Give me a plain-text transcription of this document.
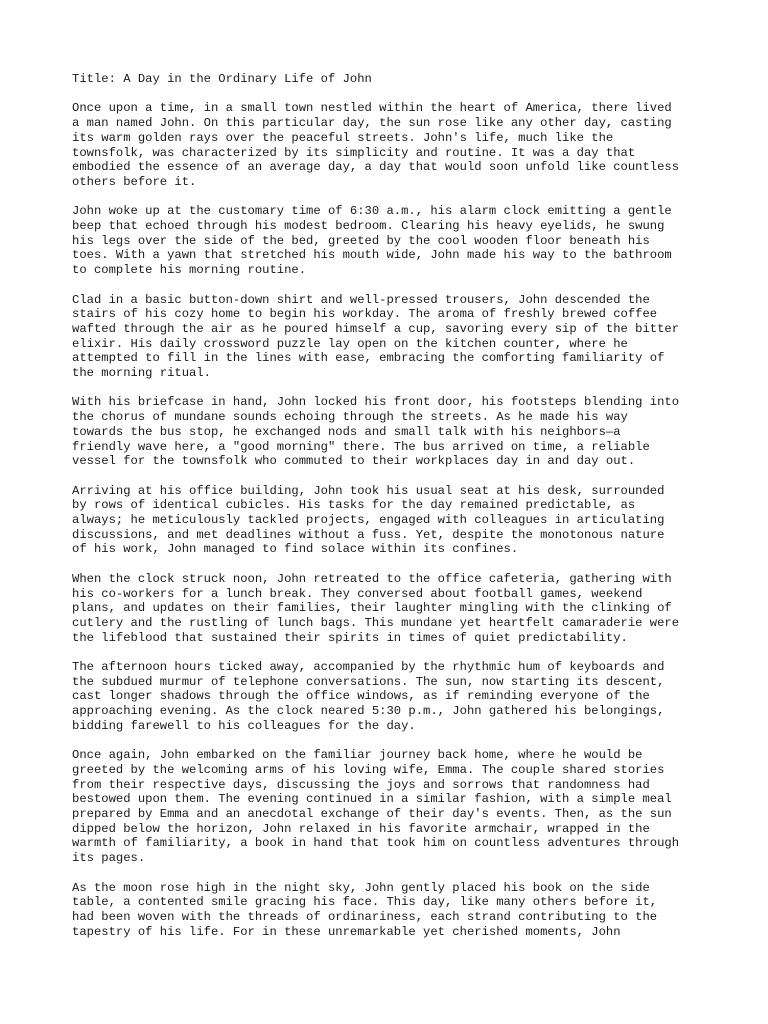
Title: A Day in the Ordinary Life of John

Once upon a time, in a small town nestled within the heart of America, there lived
a man named John. On this particular day, the sun rose like any other day, casting
its warm golden rays over the peaceful streets. John's life, much like the
townsfolk, was characterized by its simplicity and routine. It was a day that
embodied the essence of an average day, a day that would soon unfold like countless
others before it.

John woke up at the customary time of 6:30 a.m., his alarm clock emitting a gentle
beep that echoed through his modest bedroom. Clearing his heavy eyelids, he swung
his legs over the side of the bed, greeted by the cool wooden floor beneath his
toes. With a yawn that stretched his mouth wide, John made his way to the bathroom
to complete his morning routine.

Clad in a basic button-down shirt and well-pressed trousers, John descended the
stairs of his cozy home to begin his workday. The aroma of freshly brewed coffee
wafted through the air as he poured himself a cup, savoring every sip of the bitter
elixir. His daily crossword puzzle lay open on the kitchen counter, where he
attempted to fill in the lines with ease, embracing the comforting familiarity of
the morning ritual.

With his briefcase in hand, John locked his front door, his footsteps blending into
the chorus of mundane sounds echoing through the streets. As he made his way
towards the bus stop, he exchanged nods and small talk with his neighbors—a
friendly wave here, a "good morning" there. The bus arrived on time, a reliable
vessel for the townsfolk who commuted to their workplaces day in and day out.

Arriving at his office building, John took his usual seat at his desk, surrounded
by rows of identical cubicles. His tasks for the day remained predictable, as
always; he meticulously tackled projects, engaged with colleagues in articulating
discussions, and met deadlines without a fuss. Yet, despite the monotonous nature
of his work, John managed to find solace within its confines.

When the clock struck noon, John retreated to the office cafeteria, gathering with
his co-workers for a lunch break. They conversed about football games, weekend
plans, and updates on their families, their laughter mingling with the clinking of
cutlery and the rustling of lunch bags. This mundane yet heartfelt camaraderie were
the lifeblood that sustained their spirits in times of quiet predictability.

The afternoon hours ticked away, accompanied by the rhythmic hum of keyboards and
the subdued murmur of telephone conversations. The sun, now starting its descent,
cast longer shadows through the office windows, as if reminding everyone of the
approaching evening. As the clock neared 5:30 p.m., John gathered his belongings,
bidding farewell to his colleagues for the day.

Once again, John embarked on the familiar journey back home, where he would be
greeted by the welcoming arms of his loving wife, Emma. The couple shared stories
from their respective days, discussing the joys and sorrows that randomness had
bestowed upon them. The evening continued in a similar fashion, with a simple meal
prepared by Emma and an anecdotal exchange of their day's events. Then, as the sun
dipped below the horizon, John relaxed in his favorite armchair, wrapped in the
warmth of familiarity, a book in hand that took him on countless adventures through
its pages.

As the moon rose high in the night sky, John gently placed his book on the side
table, a contented smile gracing his face. This day, like many others before it,
had been woven with the threads of ordinariness, each strand contributing to the
tapestry of his life. For in these unremarkable yet cherished moments, John
